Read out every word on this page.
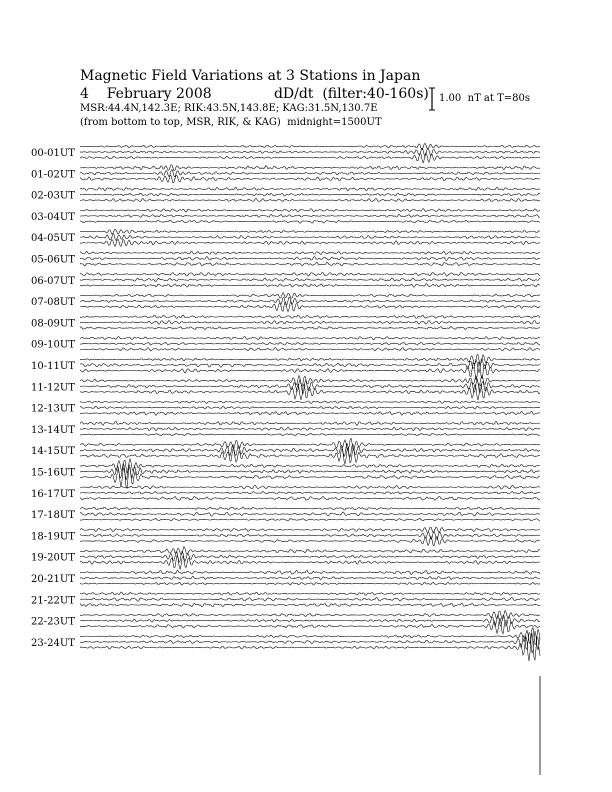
Magnetic Field Variations at 3 Stations in Japan
4    February 2008              dD/dt  (filter:40-160s)
MSR:44.4N,142.3E; RIK:43.5N,143.8E; KAG:31.5N,130.7E
(from bottom to top, MSR, RIK, & KAG)  midnight=1500UT
1.00  nT at T=80s
00-01UT
01-02UT
02-03UT
03-04UT
04-05UT
05-06UT
06-07UT
07-08UT
08-09UT
09-10UT
10-11UT
11-12UT
12-13UT
13-14UT
14-15UT
15-16UT
16-17UT
17-18UT
18-19UT
19-20UT
20-21UT
21-22UT
22-23UT
23-24UT
